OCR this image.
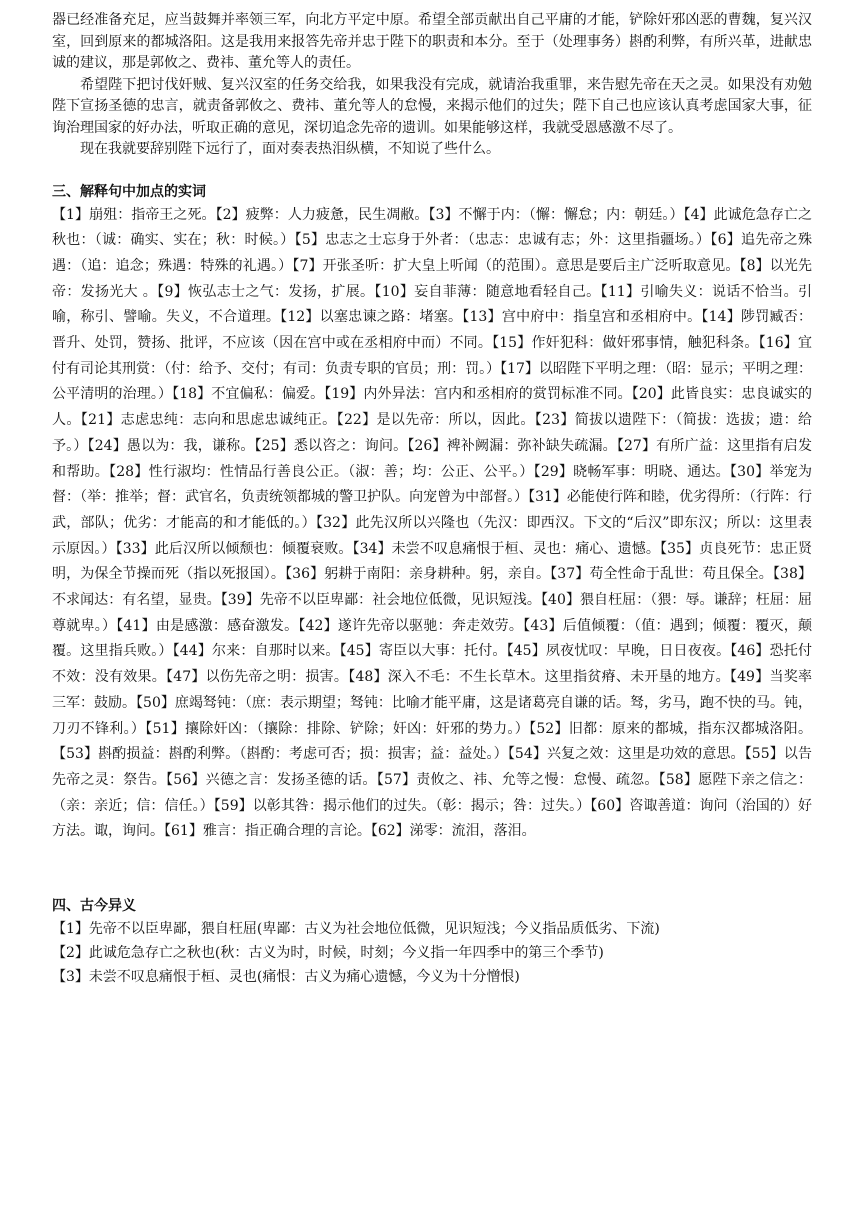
器已经准备充足，应当鼓舞并率领三军，向北方平定中原。希望全部贡献出自己平庸的才能，铲除奸邪凶恶的曹魏，复兴汉室，回到原来的都城洛阳。这是我用来报答先帝并忠于陛下的职责和本分。至于（处理事务）斟酌利弊，有所兴革，进献忠诚的建议，那是郭攸之、费祎、董允等人的责任。

希望陛下把讨伐奸贼、复兴汉室的任务交给我，如果我没有完成，就请治我重罪，来告慰先帝在天之灵。如果没有劝勉陛下宣扬圣德的忠言，就责备郭攸之、费祎、董允等人的怠慢，来揭示他们的过失；陛下自己也应该认真考虑国家大事，征询治理国家的好办法，听取正确的意见，深切追念先帝的遗训。如果能够这样，我就受恩感激不尽了。

现在我就要辞别陛下远行了，面对奏表热泪纵横，不知说了些什么。

三、解释句中加点的实词

【1】崩殂：指帝王之死。【2】疲弊：人力疲惫，民生凋敝。【3】不懈于内：（懈：懈怠；内：朝廷。）【4】此诚危急存亡之秋也：（诚：确实、实在；秋：时候。）【5】忠志之士忘身于外者：（忠志：忠诚有志；外：这里指疆场。）【6】追先帝之殊遇：（追：追念；殊遇：特殊的礼遇。）【7】开张圣听：扩大皇上听闻（的范围）。意思是要后主广泛听取意见。【8】以光先帝：发扬光大 。【9】恢弘志士之气：发扬，扩展。【10】妄自菲薄：随意地看轻自己。【11】引喻失义：说话不恰当。引喻，称引、譬喻。失义，不合道理。【12】以塞忠谏之路：堵塞。【13】宫中府中：指皇宫和丞相府中。【14】陟罚臧否：晋升、处罚，赞扬、批评，不应该（因在宫中或在丞相府中而）不同。【15】作奸犯科：做奸邪事情，触犯科条。【16】宜付有司论其刑赏：（付：给予、交付；有司：负责专职的官员；刑：罚。）【17】以昭陛下平明之理：（昭：显示；平明之理：公平清明的治理。）【18】不宜偏私：偏爱。【19】内外异法：宫内和丞相府的赏罚标准不同。【20】此皆良实：忠良诚实的人。【21】志虑忠纯：志向和思虑忠诚纯正。【22】是以先帝：所以，因此。【23】简拔以遗陛下：（简拔：选拔；遗：给予。）【24】愚以为：我，谦称。【25】悉以咨之：询问。【26】裨补阙漏：弥补缺失疏漏。【27】有所广益：这里指有启发和帮助。【28】性行淑均：性情品行善良公正。（淑：善；均：公正、公平。）【29】晓畅军事：明晓、通达。【30】举宠为督：（举：推举；督：武官名，负责统领都城的警卫护队。向宠曾为中部督。）【31】必能使行阵和睦，优劣得所：（行阵：行武，部队；优劣：才能高的和才能低的。）【32】此先汉所以兴隆也（先汉：即西汉。下文的“后汉”即东汉；所以：这里表示原因。）【33】此后汉所以倾颓也：倾覆衰败。【34】未尝不叹息痛恨于桓、灵也：痛心、遗憾。【35】贞良死节：忠正贤明，为保全节操而死（指以死报国）。【36】躬耕于南阳：亲身耕种。躬，亲自。【37】苟全性命于乱世：苟且保全。【38】不求闻达：有名望，显贵。【39】先帝不以臣卑鄙：社会地位低微，见识短浅。【40】猥自枉屈：（猥：辱。谦辞；枉屈：屈尊就卑。）【41】由是感激：感奋激发。【42】遂许先帝以驱驰：奔走效劳。【43】后值倾覆：（值：遇到；倾覆：覆灭，颠覆。这里指兵败。）【44】尔来：自那时以来。【45】寄臣以大事：托付。【45】夙夜忧叹：早晚，日日夜夜。【46】恐托付不效：没有效果。【47】以伤先帝之明：损害。【48】深入不毛：不生长草木。这里指贫瘠、未开垦的地方。【49】当奖率三军：鼓励。【50】庶竭驽钝：（庶：表示期望；驽钝：比喻才能平庸，这是诸葛亮自谦的话。驽，劣马，跑不快的马。钝，刀刃不锋利。）【51】攘除奸凶：（攘除：排除、铲除；奸凶：奸邪的势力。）【52】旧都：原来的都城，指东汉都城洛阳。【53】斟酌损益：斟酌利弊。（斟酌：考虑可否；损：损害；益：益处。）【54】兴复之效：这里是功效的意思。【55】以告先帝之灵：祭告。【56】兴德之言：发扬圣德的话。【57】责攸之、祎、允等之慢：怠慢、疏忽。【58】愿陛下亲之信之：（亲：亲近；信：信任。）【59】以彰其咎：揭示他们的过失。（彰：揭示；咎：过失。）【60】咨诹善道：询问（治国的）好方法。诹，询问。【61】雅言：指正确合理的言论。【62】涕零：流泪，落泪。

四、古今异义

【1】先帝不以臣卑鄙，猥自枉屈(卑鄙：古义为社会地位低微，见识短浅；今义指品质低劣、下流)

【2】此诚危急存亡之秋也(秋：古义为时，时候，时刻；今义指一年四季中的第三个季节)

【3】未尝不叹息痛恨于桓、灵也(痛恨：古义为痛心遗憾，今义为十分憎恨)
